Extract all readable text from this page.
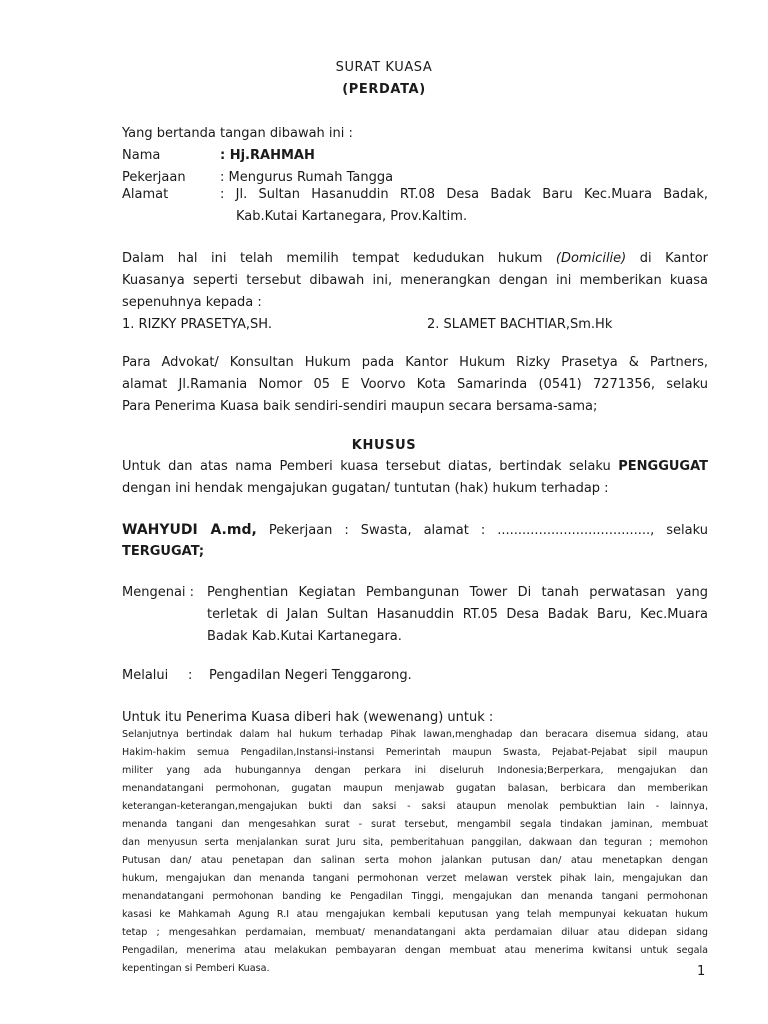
SURAT KUASA
(PERDATA)
Yang bertanda tangan dibawah ini :
Nama	: Hj.RAHMAH
Pekerjaan	: Mengurus Rumah Tangga
Alamat	: Jl. Sultan Hasanuddin RT.08 Desa Badak Baru Kec.Muara Badak,
Kab.Kutai Kartanegara, Prov.Kaltim.
Dalam hal ini telah memilih tempat kedudukan hukum (Domicilie) di Kantor
Kuasanya seperti tersebut dibawah ini, menerangkan dengan ini memberikan kuasa
sepenuhnya kepada :
1. RIZKY PRASETYA,SH.	2. SLAMET BACHTIAR,Sm.Hk
Para Advokat/ Konsultan Hukum pada Kantor Hukum Rizky Prasetya & Partners,
alamat Jl.Ramania Nomor 05 E Voorvo Kota Samarinda (0541) 7271356, selaku
Para Penerima Kuasa baik sendiri-sendiri maupun secara bersama-sama;
KHUSUS
Untuk dan atas nama Pemberi kuasa tersebut diatas, bertindak selaku PENGGUGAT
dengan ini hendak mengajukan gugatan/ tuntutan (hak) hukum terhadap :
WAHYUDI A.md, Pekerjaan : Swasta, alamat : ....................................., selaku
TERGUGAT;
Mengenai : Penghentian Kegiatan Pembangunan Tower Di tanah perwatasan yang
terletak di Jalan Sultan Hasanuddin RT.05 Desa Badak Baru, Kec.Muara
Badak Kab.Kutai Kartanegara.
Melalui : Pengadilan Negeri Tenggarong.
Untuk itu Penerima Kuasa diberi hak (wewenang) untuk :
Selanjutnya bertindak dalam hal hukum terhadap Pihak lawan,menghadap dan beracara disemua sidang, atau
Hakim-hakim semua Pengadilan,Instansi-instansi Pemerintah maupun Swasta, Pejabat-Pejabat sipil maupun
militer yang ada hubungannya dengan perkara ini diseluruh Indonesia;Berperkara, mengajukan dan
menandatangani permohonan, gugatan maupun menjawab gugatan balasan, berbicara dan memberikan
keterangan-keterangan,mengajukan bukti dan saksi - saksi ataupun menolak pembuktian lain - lainnya,
menanda tangani dan mengesahkan surat - surat tersebut, mengambil segala tindakan jaminan, membuat
dan menyusun serta menjalankan surat Juru sita, pemberitahuan panggilan, dakwaan dan teguran ; memohon
Putusan dan/ atau penetapan dan salinan serta mohon jalankan putusan dan/ atau menetapkan dengan
hukum, mengajukan dan menanda tangani permohonan verzet melawan verstek pihak lain, mengajukan dan
menandatangani permohonan banding ke Pengadilan Tinggi, mengajukan dan menanda tangani permohonan
kasasi ke Mahkamah Agung R.I atau mengajukan kembali keputusan yang telah mempunyai kekuatan hukum
tetap ; mengesahkan perdamaian, membuat/ menandatangani akta perdamaian diluar atau didepan sidang
Pengadilan, menerima atau melakukan pembayaran dengan membuat atau menerima kwitansi untuk segala
kepentingan si Pemberi Kuasa.	1
